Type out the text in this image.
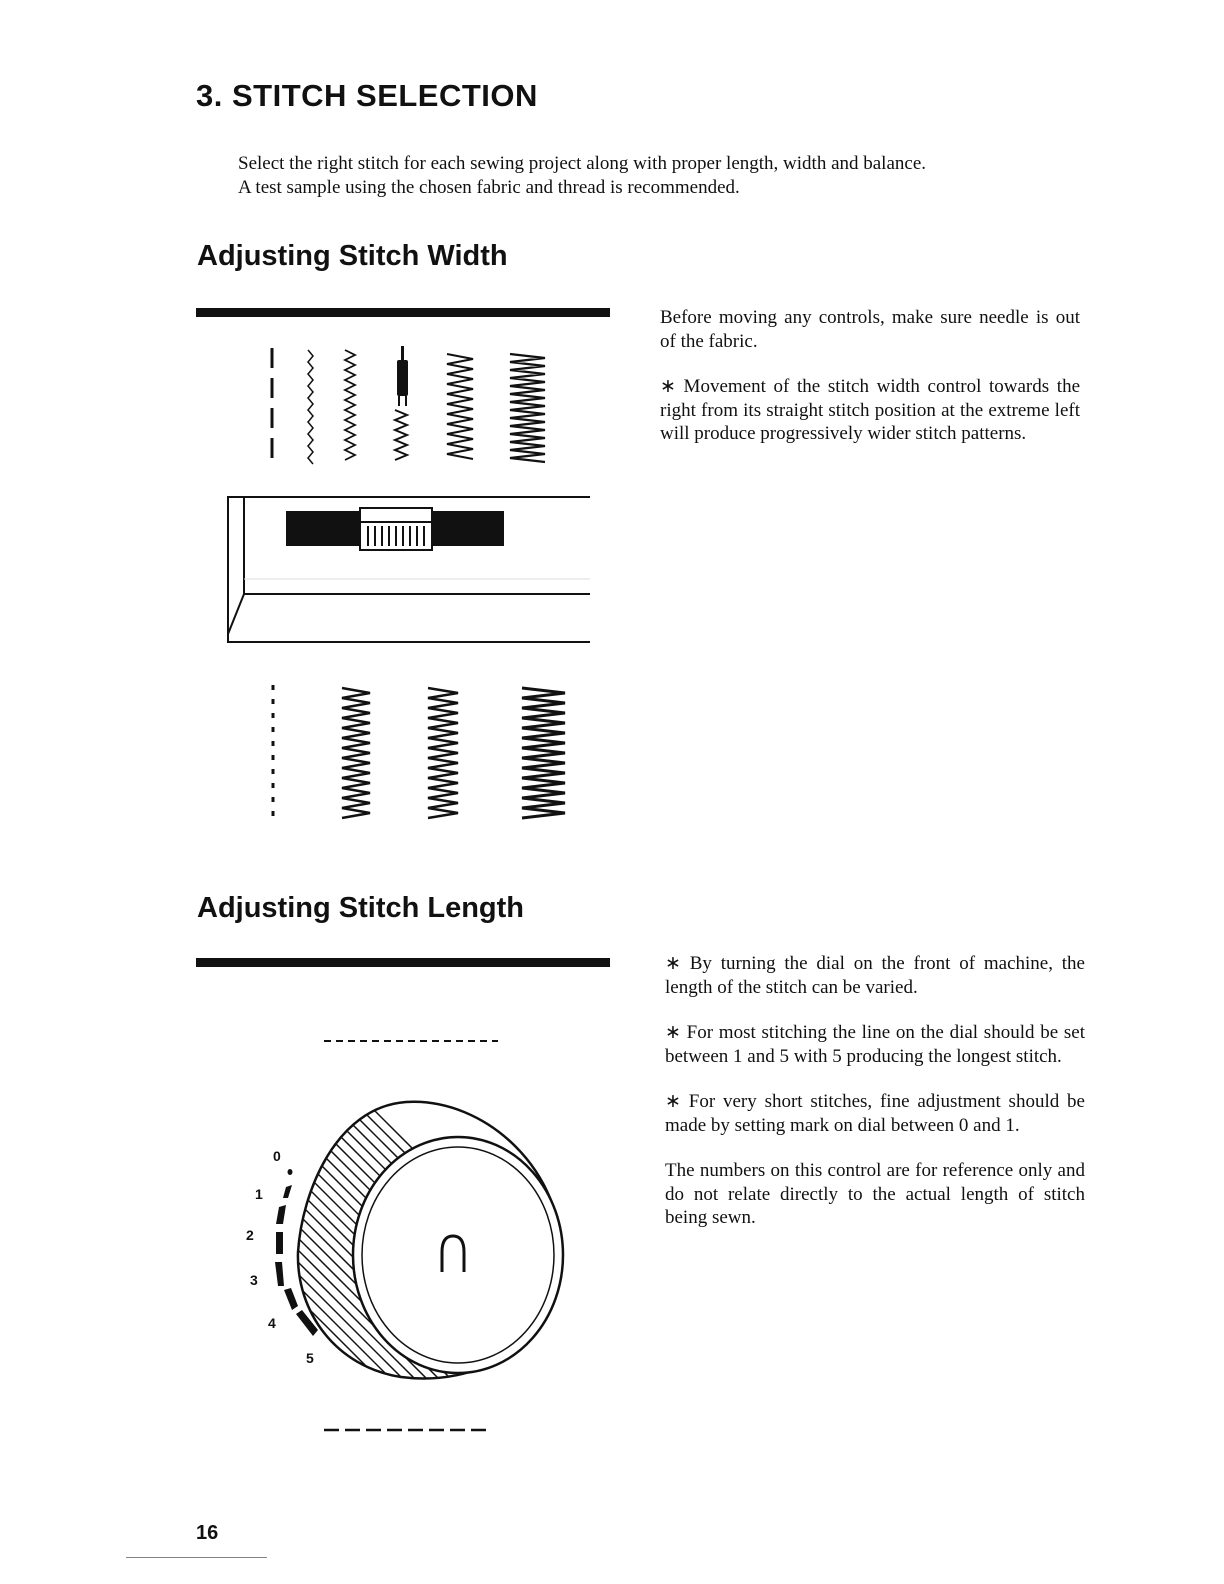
3. STITCH SELECTION
Select the right stitch for each sewing project along with proper length, width and balance.
A test sample using the chosen fabric and thread is recommended.
Adjusting Stitch Width

Before moving any controls, make sure needle is out of the fabric.

∗ Movement of the stitch width control towards the right from its straight stitch position at the extreme left will produce progressively wider stitch patterns.

Adjusting Stitch Length

∗ By turning the dial on the front of machine, the length of the stitch can be varied.

∗ For most stitching the line on the dial should be set between 1 and 5 with 5 producing the longest stitch.

∗ For very short stitches, fine adjustment should be made by setting mark on dial between 0 and 1.

The numbers on this control are for reference only and do not relate directly to the actual length of stitch being sewn.

0
1
2
3
4
5
16
